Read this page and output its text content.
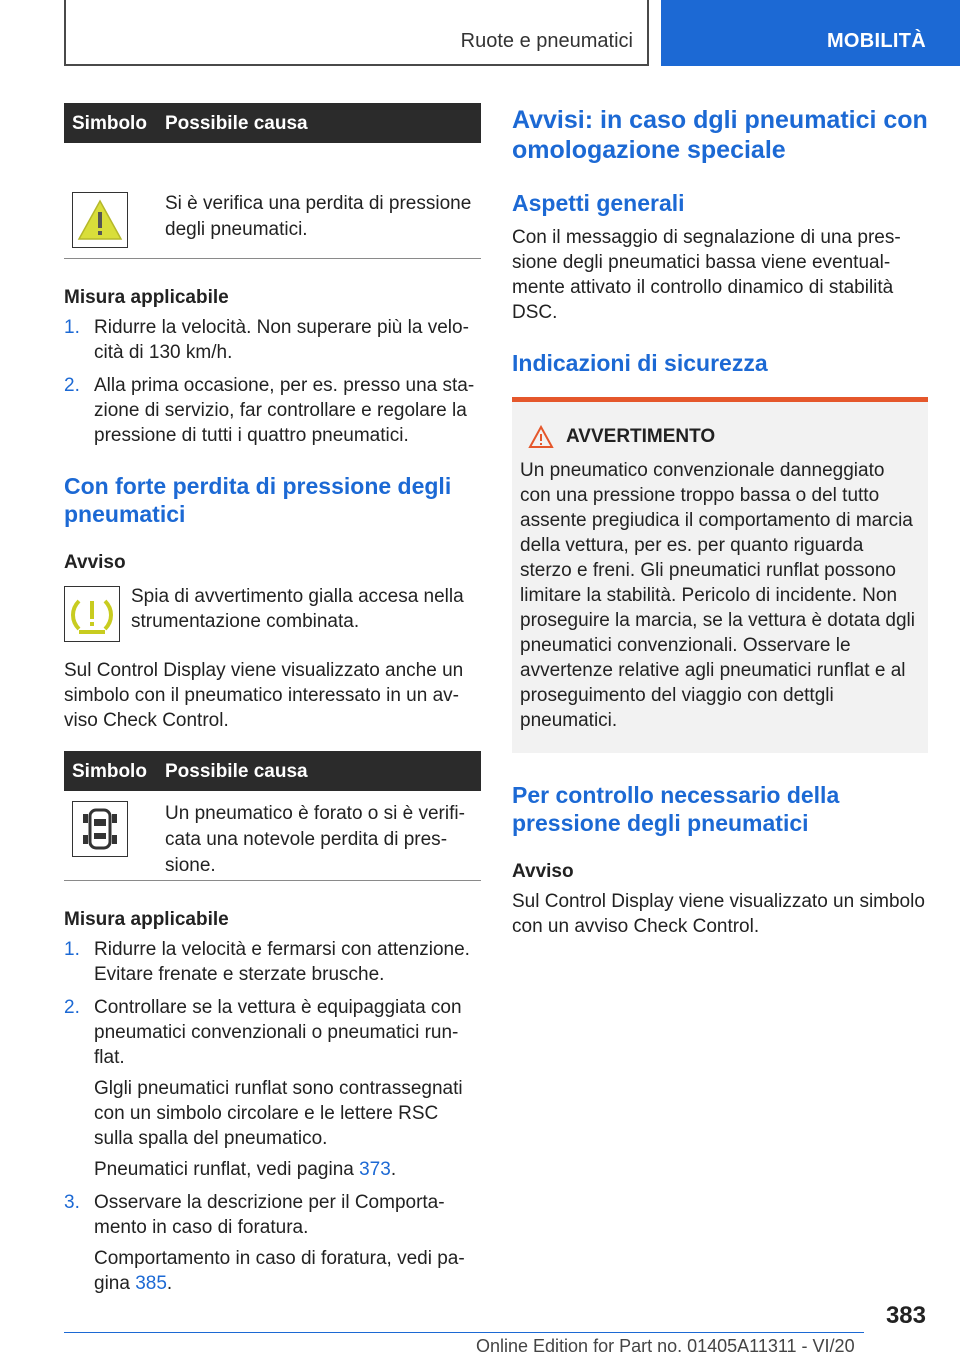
Ruote e pneumatici	MOBILITÀ
Simbolo Possibile causa
Si è verifica una perdita di pressione degli pneumatici.
Misura applicabile
1. Ridurre la velocità. Non superare più la velocità di 130 km/h.
2. Alla prima occasione, per es. presso una stazione di servizio, far controllare e regolare la pressione di tutti i quattro pneumatici.
Con forte perdita di pressione degli pneumatici
Avviso
Spia di avvertimento gialla accesa nella strumentazione combinata.
Sul Control Display viene visualizzato anche un simbolo con il pneumatico interessato in un avviso Check Control.
Simbolo Possibile causa
Un pneumatico è forato o si è verificata una notevole perdita di pressione.
Misura applicabile
1. Ridurre la velocità e fermarsi con attenzione. Evitare frenate e sterzate brusche.
2. Controllare se la vettura è equipaggiata con pneumatici convenzionali o pneumatici runflat.
Glgli pneumatici runflat sono contrassegnati con un simbolo circolare e le lettere RSC sulla spalla del pneumatico.
Pneumatici runflat, vedi pagina 373.
3. Osservare la descrizione per il Comportamento in caso di foratura.
Comportamento in caso di foratura, vedi pagina 385.
Avvisi: in caso dgli pneumatici con omologazione speciale
Aspetti generali
Con il messaggio di segnalazione di una pressione degli pneumatici bassa viene eventualmente attivato il controllo dinamico di stabilità DSC.
Indicazioni di sicurezza
AVVERTIMENTO
Un pneumatico convenzionale danneggiato con una pressione troppo bassa o del tutto assente pregiudica il comportamento di marcia della vettura, per es. per quanto riguarda sterzo e freni. Gli pneumatici runflat possono limitare la stabilità. Pericolo di incidente. Non proseguire la marcia, se la vettura è dotata dgli pneumatici convenzionali. Osservare le avvertenze relative agli pneumatici runflat e al proseguimento del viaggio con dettgli pneumatici.
Per controllo necessario della pressione degli pneumatici
Avviso
Sul Control Display viene visualizzato un simbolo con un avviso Check Control.
383
Online Edition for Part no. 01405A11311 - VI/20
